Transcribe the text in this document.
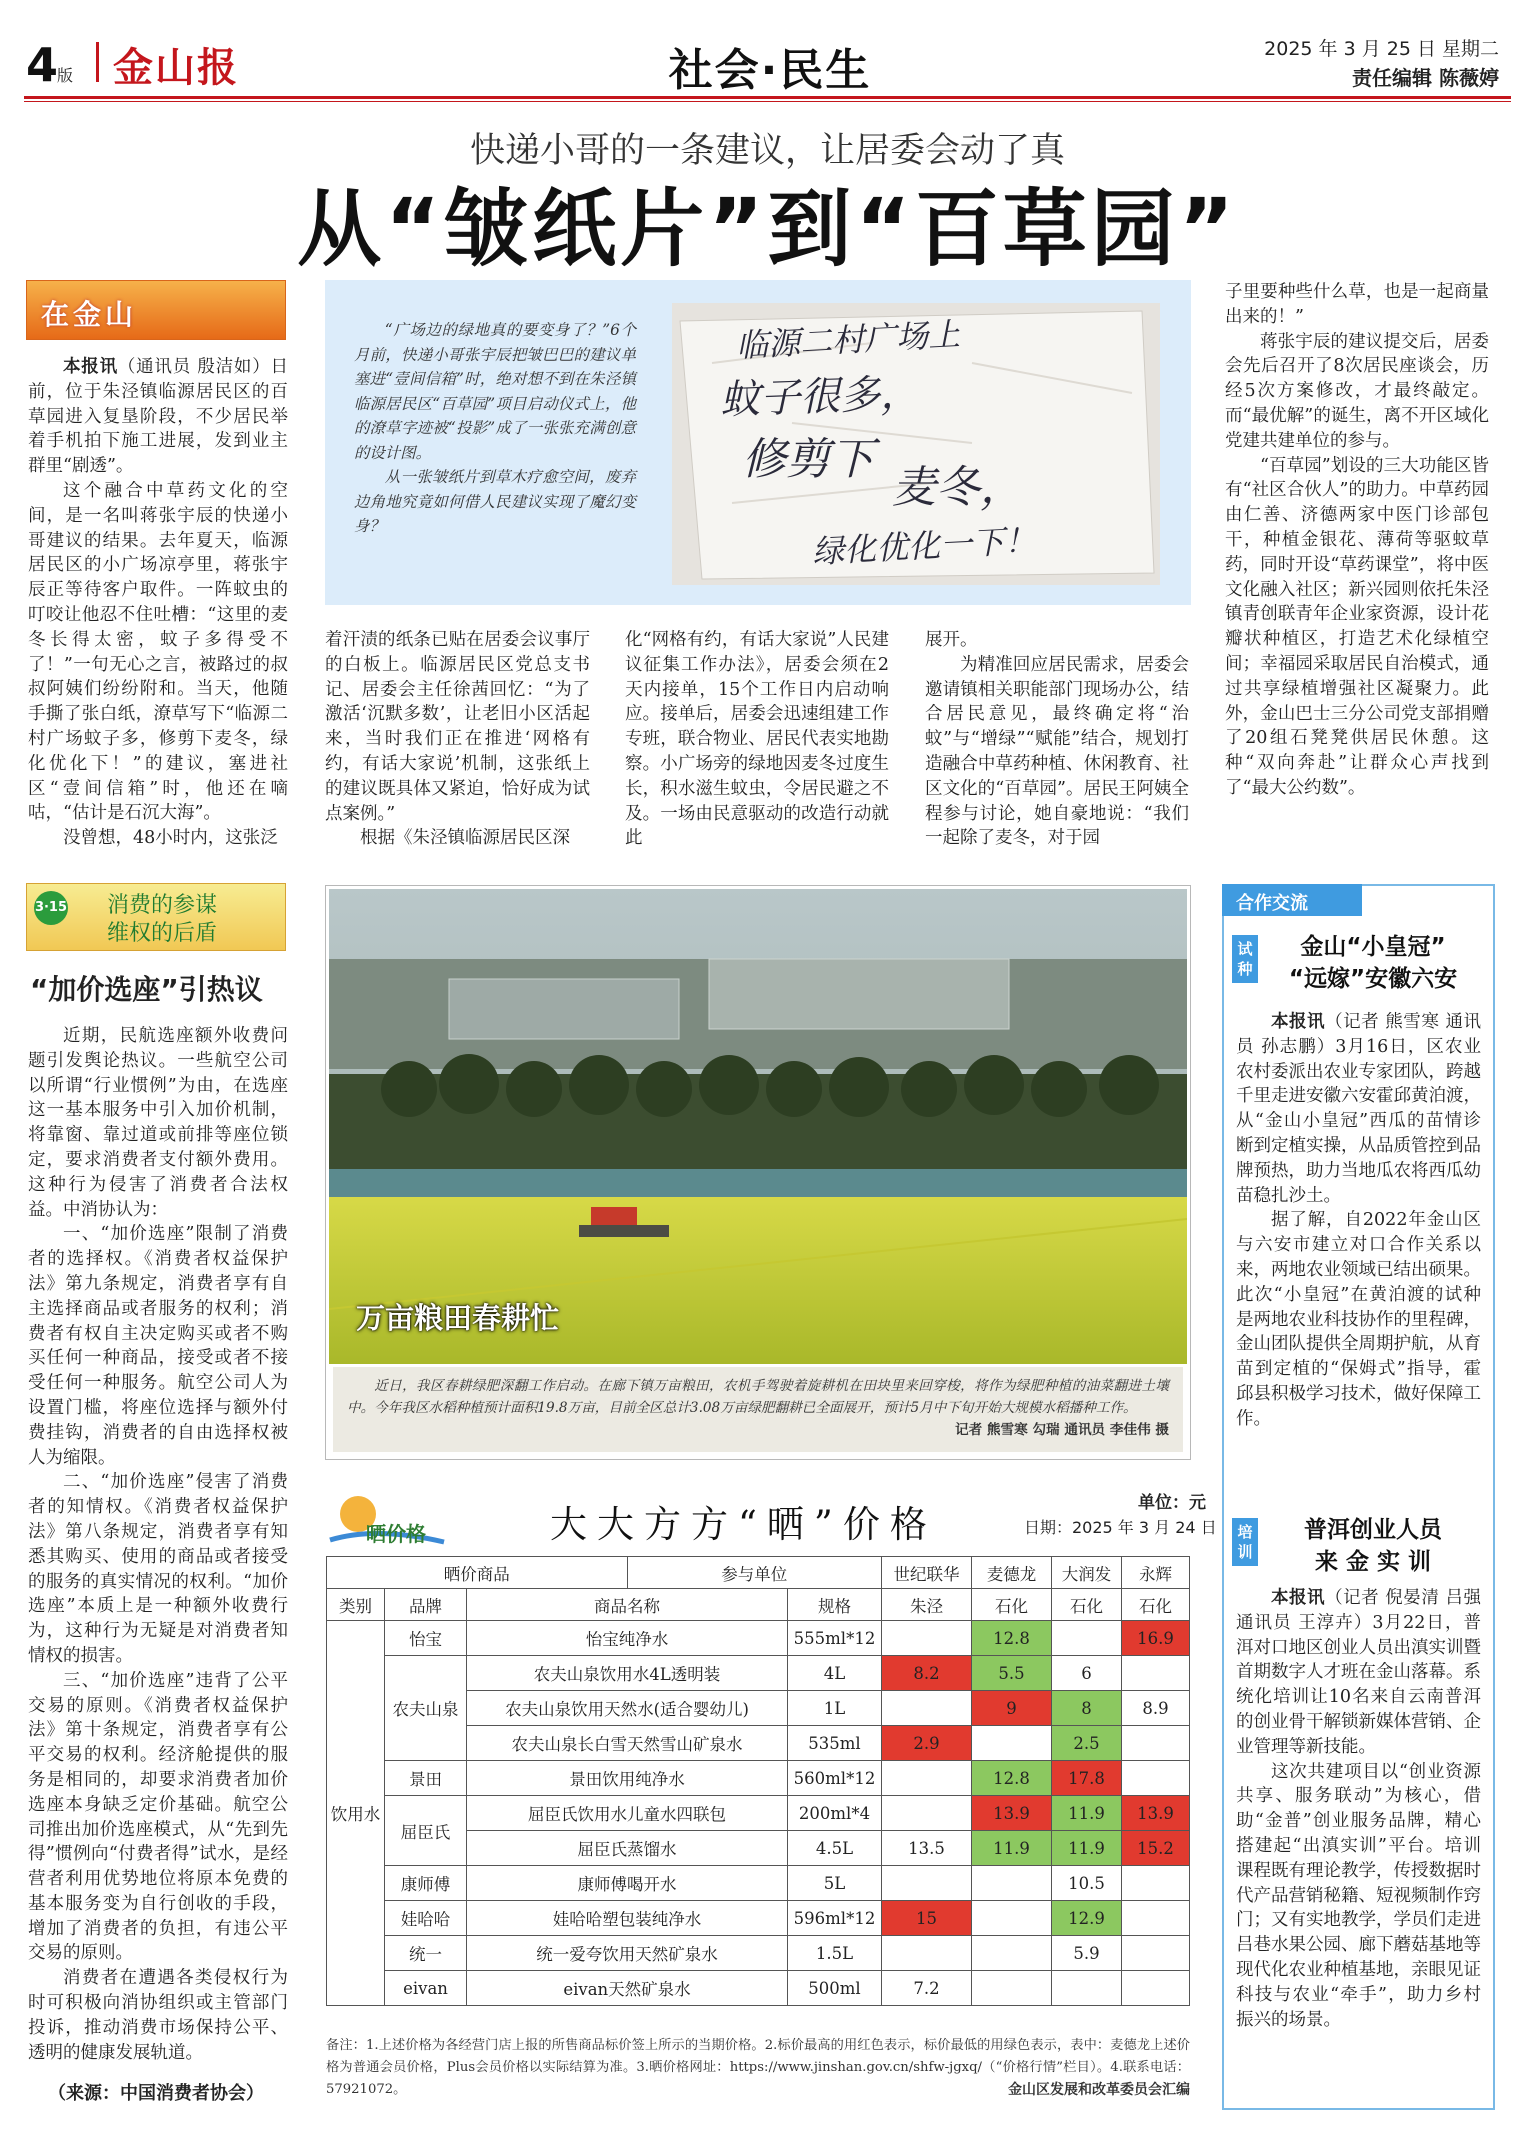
4
版 金山报	社会·民生	2025 年 3 月 25 日 星期二
责任编辑 陈薇婷
快递小哥的一条建议，让居委会动了真
从“皱纸片”到“百草园”

“广场边的绿地真的要变身了？”6个月前，快递小哥张宇辰把皱巴巴的建议单塞进“壹间信箱”时，绝对想不到在朱泾镇临源居民区“百草园”项目启动仪式上，他的潦草字迹被“投影”成了一张张充满创意的设计图。

从一张皱纸片到草木疗愈空间，废弃边角地究竟如何借人民建议实现了魔幻变身？

临源二村广场上
蚊子很多，
修剪下
麦冬，
绿化优化一下！
在金山

本报讯（通讯员 殷洁如）日前，位于朱泾镇临源居民区的百草园进入复垦阶段，不少居民举着手机拍下施工进展，发到业主群里“剧透”。

这个融合中草药文化的空间，是一名叫蒋张宇辰的快递小哥建议的结果。去年夏天，临源居民区的小广场凉亭里，蒋张宇辰正等待客户取件。一阵蚊虫的叮咬让他忍不住吐槽：“这里的麦冬长得太密，蚊子多得受不了！”一句无心之言，被路过的叔叔阿姨们纷纷附和。当天，他随手撕了张白纸，潦草写下“临源二村广场蚊子多，修剪下麦冬，绿化优化下！”的建议，塞进社区“壹间信箱”时，他还在嘀咕，“估计是石沉大海”。

没曾想，48小时内，这张泛

着汗渍的纸条已贴在居委会议事厅的白板上。临源居民区党总支书记、居委会主任徐茜回忆：“为了激活‘沉默多数’，让老旧小区活起来，当时我们正在推进‘网格有约，有话大家说’机制，这张纸上的建议既具体又紧迫，恰好成为试点案例。”

根据《朱泾镇临源居民区深

化“网格有约，有话大家说”人民建议征集工作办法》，居委会须在2天内接单，15个工作日内启动响应。接单后，居委会迅速组建工作专班，联合物业、居民代表实地勘察。小广场旁的绿地因麦冬过度生长，积水滋生蚊虫，令居民避之不及。一场由民意驱动的改造行动就此

展开。

为精准回应居民需求，居委会邀请镇相关职能部门现场办公，结合居民意见，最终确定将“治蚊”与“增绿”“赋能”结合，规划打造融合中草药种植、休闲教育、社区文化的“百草园”。居民王阿姨全程参与讨论，她自豪地说：“我们一起除了麦冬，对于园

子里要种些什么草，也是一起商量出来的！”

蒋张宇辰的建议提交后，居委会先后召开了8次居民座谈会，历经5次方案修改，才最终敲定。而“最优解”的诞生，离不开区域化党建共建单位的参与。

“百草园”划设的三大功能区皆有“社区合伙人”的助力。中草药园由仁善、济德两家中医门诊部包干，种植金银花、薄荷等驱蚊草药，同时开设“草药课堂”，将中医文化融入社区；新兴园则依托朱泾镇青创联青年企业家资源，设计花瓣状种植区，打造艺术化绿植空间；幸福园采取居民自治模式，通过共享绿植增强社区凝聚力。此外，金山巴士三分公司党支部捐赠了20组石凳凳供居民休憩。这种“双向奔赴”让群众心声找到了“最大公约数”。

消费的参谋
维权的后盾
3·15
“加价选座”引热议

近期，民航选座额外收费问题引发舆论热议。一些航空公司以所谓“行业惯例”为由，在选座这一基本服务中引入加价机制，将靠窗、靠过道或前排等座位锁定，要求消费者支付额外费用。这种行为侵害了消费者合法权益。中消协认为：

一、“加价选座”限制了消费者的选择权。《消费者权益保护法》第九条规定，消费者享有自主选择商品或者服务的权利；消费者有权自主决定购买或者不购买任何一种商品，接受或者不接受任何一种服务。航空公司人为设置门槛，将座位选择与额外付费挂钩，消费者的自由选择权被人为缩限。

二、“加价选座”侵害了消费者的知情权。《消费者权益保护法》第八条规定，消费者享有知悉其购买、使用的商品或者接受的服务的真实情况的权利。“加价选座”本质上是一种额外收费行为，这种行为无疑是对消费者知情权的损害。

三、“加价选座”违背了公平交易的原则。《消费者权益保护法》第十条规定，消费者享有公平交易的权利。经济舱提供的服务是相同的，却要求消费者加价选座本身缺乏定价基础。航空公司推出加价选座模式，从“先到先得”惯例向“付费者得”试水，是经营者利用优势地位将原本免费的基本服务变为自行创收的手段，增加了消费者的负担，有违公平交易的原则。

消费者在遭遇各类侵权行为时可积极向消协组织或主管部门投诉，推动消费市场保持公平、透明的健康发展轨道。

（来源：中国消费者协会）
万亩粮田春耕忙
近日，我区春耕绿肥深翻工作启动。在廊下镇万亩粮田，农机手驾驶着旋耕机在田块里来回穿梭，将作为绿肥种植的油菜翻进土壤中。今年我区水稻种植预计面积19.8万亩，目前全区总计3.08万亩绿肥翻耕已全面展开，预计5月中下旬开始大规模水稻播种工作。
记者 熊雪寒 勾瑞 通讯员 李佳伟 摄
晒价格	大大方方“晒”价格	单位：元
日期：2025 年 3 月 24 日
晒价商品			参与单位		世纪联华	麦德龙	大润发	永辉
类别	品牌	商品名称		规格	朱泾	石化	石化	石化
饮用水	怡宝	怡宝纯净水		555ml*12		12.8		16.9
	农夫山泉	农夫山泉饮用水4L透明装		4L	8.2	5.5	6	
		农夫山泉饮用天然水(适合婴幼儿)		1L		9	8	8.9
		农夫山泉长白雪天然雪山矿泉水		535ml	2.9		2.5	
	景田	景田饮用纯净水		560ml*12		12.8	17.8	
	屈臣氏	屈臣氏饮用水儿童水四联包		200ml*4		13.9	11.9	13.9
		屈臣氏蒸馏水		4.5L	13.5	11.9	11.9	15.2
	康师傅	康师傅喝开水		5L			10.5	
	娃哈哈	娃哈哈塑包装纯净水		596ml*12	15		12.9	
	统一	统一爱夸饮用天然矿泉水		1.5L			5.9	
	eivan	eivan天然矿泉水		500ml	7.2			
备注：1.上述价格为各经营门店上报的所售商品标价签上所示的当期价格。2.标价最高的用红色表示，标价最低的用绿色表示，表中：麦德龙上述价格为普通会员价格，Plus会员价格以实际结算为准。3.晒价格网址：https://www.jinshan.gov.cn/shfw-jgxq/（“价格行情”栏目）。4.联系电话：57921072。	金山区发展和改革委员会汇编
合作交流
试种
金山“小皇冠”
“远嫁”安徽六安

本报讯（记者 熊雪寒 通讯员 孙志鹏）3月16日，区农业农村委派出农业专家团队，跨越千里走进安徽六安霍邱黄泊渡，从“金山小皇冠”西瓜的苗情诊断到定植实操，从品质管控到品牌预热，助力当地瓜农将西瓜幼苗稳扎沙土。

据了解，自2022年金山区与六安市建立对口合作关系以来，两地农业领域已结出硕果。此次“小皇冠”在黄泊渡的试种是两地农业科技协作的里程碑，金山团队提供全周期护航，从育苗到定植的“保姆式”指导，霍邱县积极学习技术，做好保障工作。

培训
普洱创业人员
来 金 实 训

本报讯（记者 倪晏清 吕强 通讯员 王淳卉）3月22日，普洱对口地区创业人员出滇实训暨首期数字人才班在金山落幕。系统化培训让10名来自云南普洱的创业骨干解锁新媒体营销、企业管理等新技能。

这次共建项目以“创业资源共享、服务联动”为核心，借助“金普”创业服务品牌，精心搭建起“出滇实训”平台。培训课程既有理论教学，传授数据时代产品营销秘籍、短视频制作窍门；又有实地教学，学员们走进吕巷水果公园、廊下蘑菇基地等现代化农业种植基地，亲眼见证科技与农业“牵手”，助力乡村振兴的场景。
